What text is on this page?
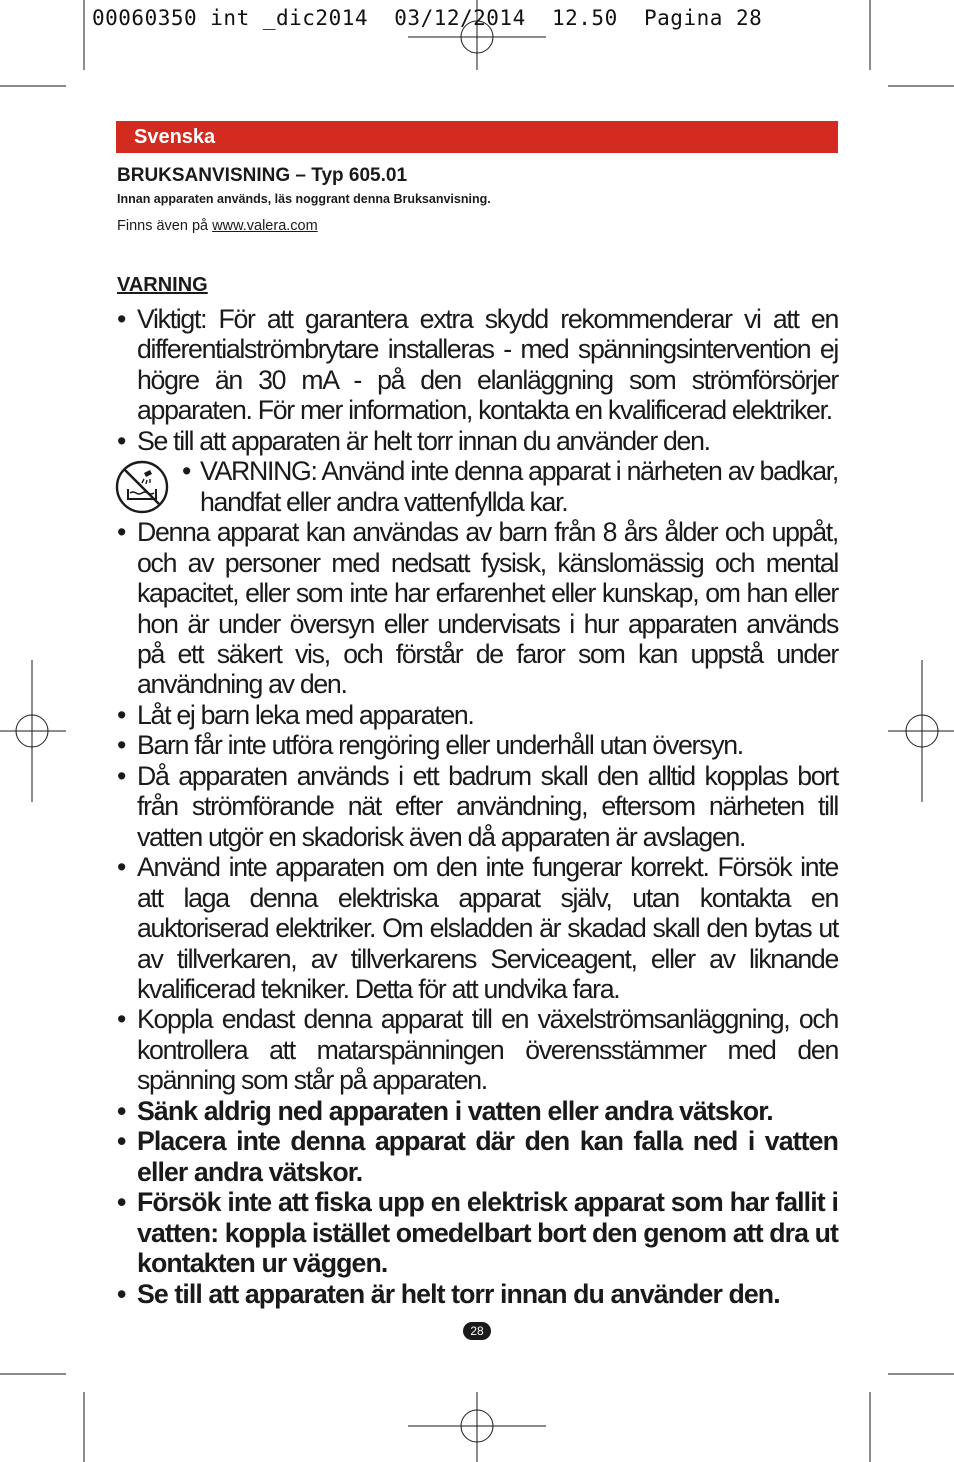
00060350 int _dic2014  03/12/2014  12.50  Pagina 28
Svenska
BRUKSANVISNING – Typ 605.01
Innan apparaten används, läs noggrant denna Bruksanvisning.
Finns även på www.valera.com
VARNING
• Viktigt: För att garantera extra skydd rekommenderar vi att en differentialströmbrytare installeras - med spänningsintervention ej högre än 30 mA - på den elanläggning som strömförsörjer apparaten. För mer information, kontakta en kvalificerad elektriker.
• Se till att apparaten är helt torr innan du använder den.
• VARNING: Använd inte denna apparat i närheten av badkar, handfat eller andra vattenfyllda kar.
• Denna apparat kan användas av barn från 8 års ålder och uppåt, och av personer med nedsatt fysisk, känslomässig och mental kapacitet, eller som inte har erfarenhet eller kunskap, om han eller hon är under översyn eller undervisats i hur apparaten används på ett säkert vis, och förstår de faror som kan uppstå under användning av den.
• Låt ej barn leka med apparaten.
• Barn får inte utföra rengöring eller underhåll utan översyn.
• Då apparaten används i ett badrum skall den alltid kopplas bort från strömförande nät efter användning, eftersom närheten till vatten utgör en skadorisk även då apparaten är avslagen.
• Använd inte apparaten om den inte fungerar korrekt. Försök inte att laga denna elektriska apparat själv, utan kontakta en auktoriserad elektriker. Om elsladden är skadad skall den bytas ut av tillverkaren, av tillverkarens Serviceagent, eller av liknande kvalificerad tekniker. Detta för att undvika fara.
• Koppla endast denna apparat till en växelströmsanläggning, och kontrollera att matarspänningen överensstämmer med den spänning som står på apparaten.
• Sänk aldrig ned apparaten i vatten eller andra vätskor.
• Placera inte denna apparat där den kan falla ned i vatten eller andra vätskor.
• Försök inte att fiska upp en elektrisk apparat som har fallit i vatten: koppla istället omedelbart bort den genom att dra ut kontakten ur väggen.
• Se till att apparaten är helt torr innan du använder den.
28
